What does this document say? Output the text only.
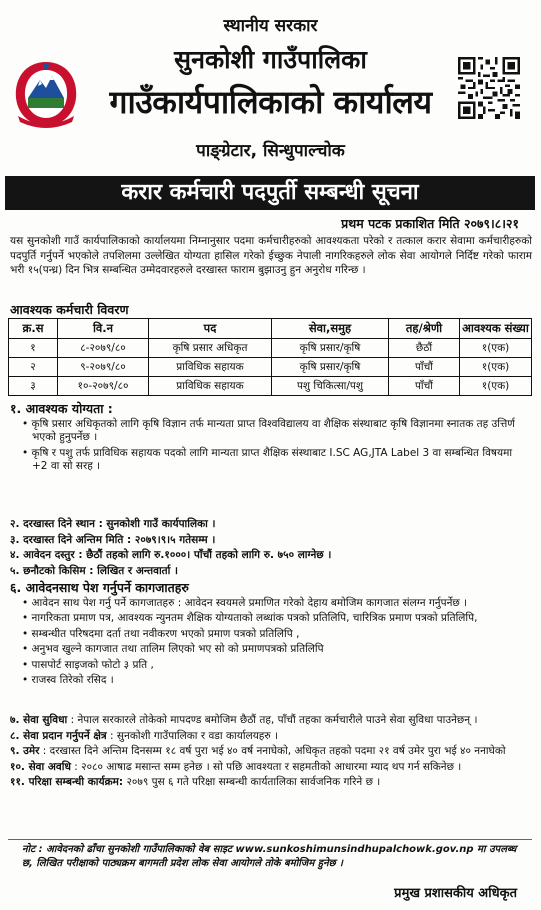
स्थानीय सरकार
सुनकोशी गाउँपालिका
गाउँकार्यपालिकाको कार्यालय
पाङ्ग्रेटार, सिन्धुपाल्चोक
करार कर्मचारी पदपुर्ती सम्बन्धी सूचना
प्रथम पटक प्रकाशित मिति २०७९।८।२१
यस सुनकोशी गाउँ कार्यपालिकाको कार्यालयमा निम्नानुसार पदमा कर्मचारीहरुको आवश्यकता परेको र तत्काल करार सेवामा कर्मचारीहरुको पदपुर्ति गर्नुपर्ने भएकोले तपशिलमा उल्लेखित योग्यता हासिल गरेको ईच्छुक नेपाली नागरिकहरुले लोक सेवा आयोगले निर्दिष्ट गरेको फाराम भरी १५(पन्ध्र) दिन भित्र सम्बन्धित उम्मेदवारहरुले दरखास्त फाराम बुझाउनु हुन अनुरोध गरिन्छ ।
आवश्यक कर्मचारी विवरण
क्र.स	वि.न	पद	सेवा,समुह	तह/श्रेणी	आवश्यक संख्या
१	८-२०७९/८०	कृषि प्रसार अधिकृत	कृषि प्रसार/कृषि	छैठौं	१(एक)
२	९-२०७९/८०	प्राविधिक सहायक	कृषि प्रसार/कृषि	पाँचौं	१(एक)
३	१०-२०७९/८०	प्राविधिक सहायक	पशु चिकित्सा/पशु	पाँचौं	१(एक)
१. आवश्यक योग्यता :
• कृषि प्रसार अधिकृतको लागि कृषि विज्ञान तर्फ मान्यता प्राप्त विश्वविद्यालय वा शैक्षिक संस्थाबाट कृषि विज्ञानमा स्नातक तह उत्तिर्ण भएको हुनुपर्नेछ ।
• कृषि र पशु तर्फ प्राविधिक सहायक पदको लागि मान्यता प्राप्त शैक्षिक संस्थाबाट I.SC AG,JTA Label 3 वा सम्बन्धित विषयमा +2 वा सो सरह ।
२. दरखास्त दिने स्थान : सुनकोशी गाउँ कार्यपालिका ।
३. दरखास्त दिने अन्तिम मिति : २०७९।९।५ गतेसम्म ।
४. आवेदन दस्तुर : छैठौं तहको लागि रु.१०००। पाँचौं तहको लागि रु. ७५० लाग्नेछ ।
५. छनौटको किसिम : लिखित र अन्तवार्ता ।
६. आवेदनसाथ पेश गर्नुपर्ने कागजातहरु
• आवेदन साथ पेश गर्नु पर्ने कागजातहरु : आवेदन स्वयमले प्रमाणित गरेको देहाय बमोजिम कागजात संलग्न गर्नुपर्नेछ ।
• नागरिकता प्रमाण पत्र, आवश्यक न्युनतम शैक्षिक योग्यताको लब्धांक पत्रको प्रतिलिपि, चारित्रिक प्रमाण पत्रको प्रतिलिपि,
• सम्बन्धीत परिषदमा दर्ता तथा नवीकरण भएको प्रमाण पत्रको प्रतिलिपि ,
• अनुभव खुल्ने कागजात तथा तालिम लिएको भए सो को प्रमाणपत्रको प्रतिलिपि
• पासपोर्ट साइजको फोटो ३ प्रति ,
• राजस्व तिरेको रसिद ।
७. सेवा सुविधा : नेपाल सरकारले तोकेको मापदण्ड बमोजिम छैठौं तह, पाँचौं तहका कर्मचारीले पाउने सेवा सुविधा पाउनेछन् ।
८. सेवा प्रदान गर्नुपर्ने क्षेत्र : सुनकोशी गाउँपालिका र वडा कार्यालयहरु ।
९. उमेर : दरखास्त दिने अन्तिम दिनसम्म १८ वर्ष पुरा भई ४० वर्ष ननाघेको, अधिकृत तहको पदमा २१ वर्ष उमेर पुरा भई ४० ननाघेको
१०. सेवा अवधि : २०८० आषाढ मसान्त सम्म हनेछ । सो पछि आवश्यता र सहमतीको आधारमा म्याद थप गर्न सकिनेछ ।
११. परिक्षा सम्बन्धी कार्यक्रम: २०७९ पुस ६ गते परिक्षा सम्बन्धी कार्यतालिका सार्वजनिक गरिने छ ।
नोट : आवेदनको ढाँचा सुनकोशी गाउँपालिकाको वेब साइट www.sunkoshimunsindhupalchowk.gov.np मा उपलब्ध छ, लिखित परीक्षाको पाठ्यक्रम बागमती प्रदेश लोक सेवा आयोगले तोके बमोजिम हुनेछ ।
प्रमुख प्रशासकीय अधिकृत
